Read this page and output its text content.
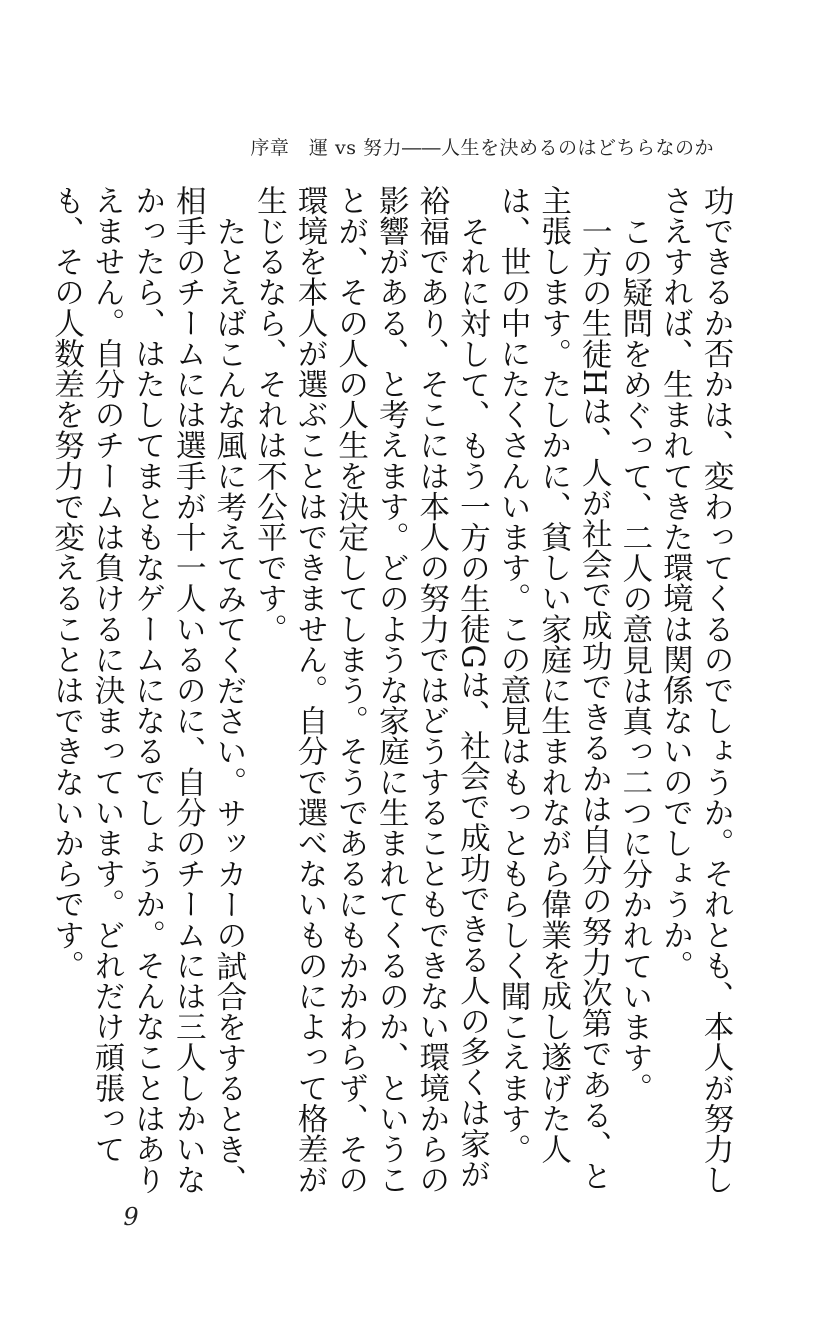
序章　運 vs 努力――人生を決めるのはどちらなのか

功できるか否かは、変わってくるのでしょうか。それとも、本人が努力しさえすれば、生まれてきた環境は関係ないのでしょうか。

この疑問をめぐって、二人の意見は真っ二つに分かれています。

一方の生徒Hは、人が社会で成功できるかは自分の努力次第である、と主張します。たしかに、貧しい家庭に生まれながら偉業を成し遂げた人は、世の中にたくさんいます。この意見はもっともらしく聞こえます。

それに対して、もう一方の生徒Gは、社会で成功できる人の多くは家が裕福であり、そこには本人の努力ではどうすることもできない環境からの影響がある、と考えます。どのような家庭に生まれてくるのか、ということが、その人の人生を決定してしまう。そうであるにもかかわらず、その環境を本人が選ぶことはできません。自分で選べないものによって格差が生じるなら、それは不公平です。

たとえばこんな風に考えてみてください。サッカーの試合をするとき、相手のチームには選手が十一人いるのに、自分のチームには三人しかいなかったら、はたしてまともなゲームになるでしょうか。そんなことはありえません。自分のチームは負けるに決まっています。どれだけ頑張っても、その人数差を努力で変えることはできないからです。

9
